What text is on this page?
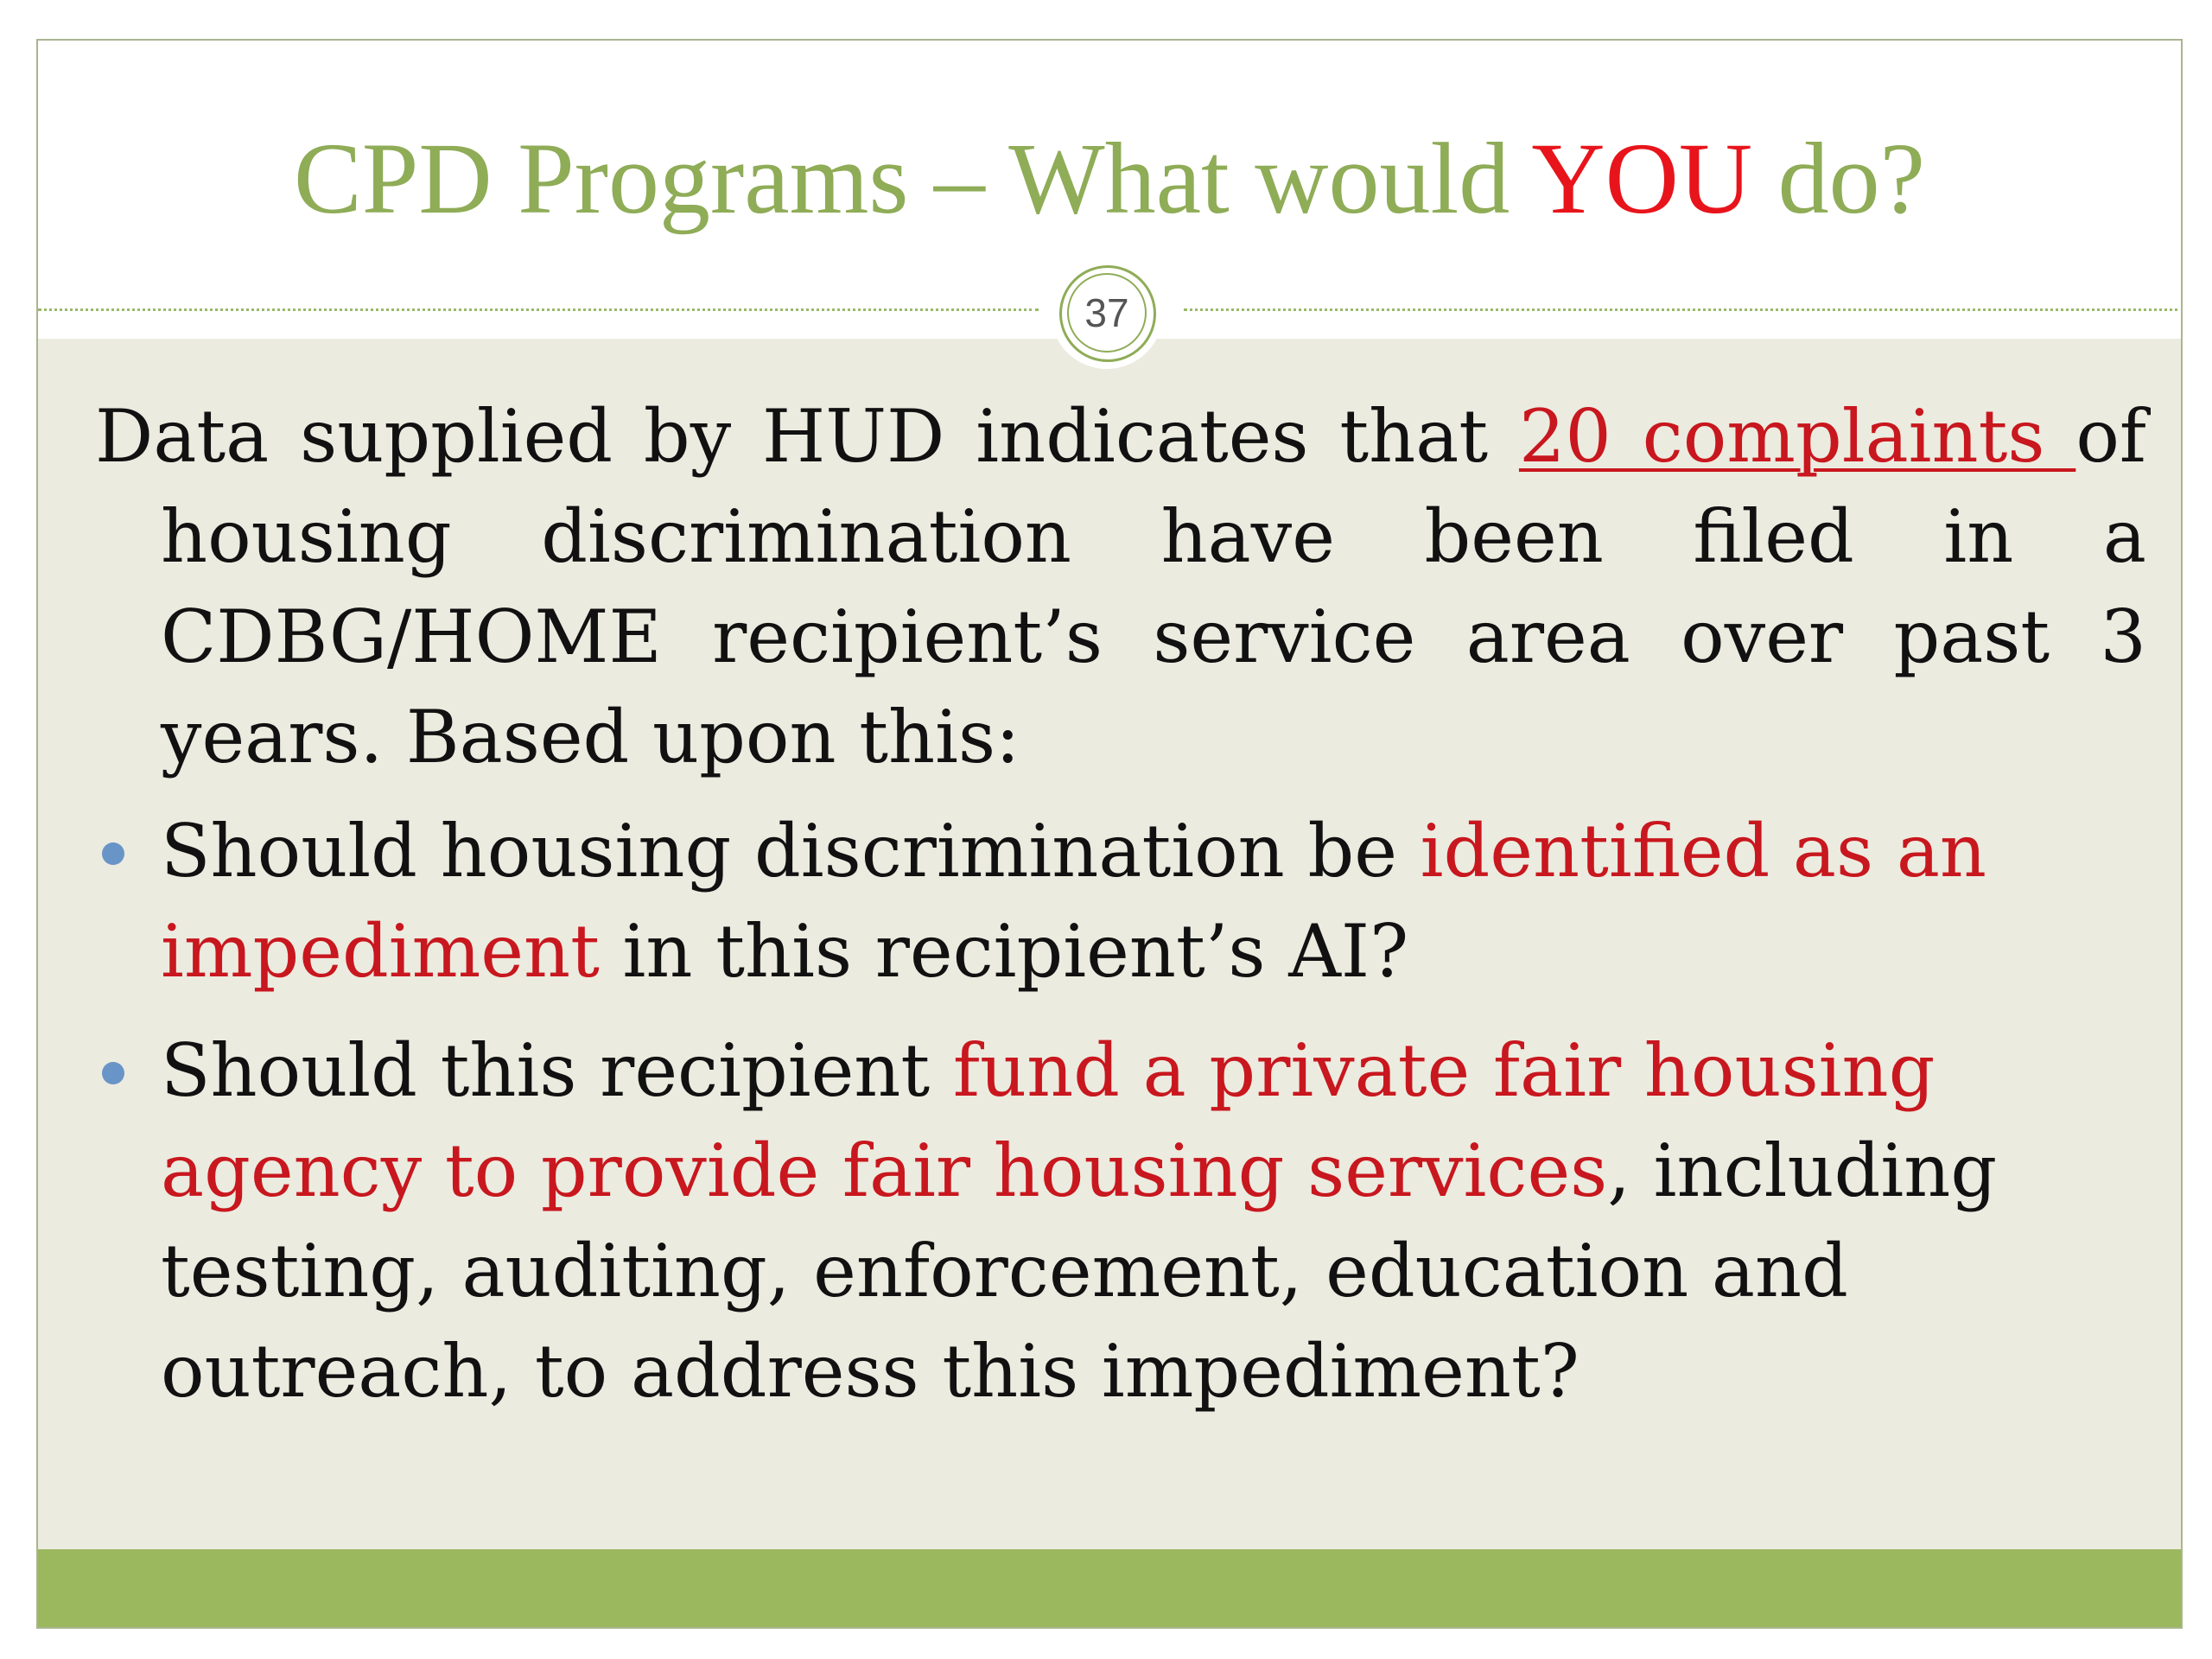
CPD Programs – What would YOU do?
37

Data supplied by HUD indicates that 20 complaints of housing discrimination have been filed in a CDBG/HOME recipient’s service area over past 3 years. Based upon this:

Should housing discrimination be identified as an impediment in this recipient’s AI?
Should this recipient fund a private fair housing agency to provide fair housing services, including testing, auditing, enforcement, education and outreach, to address this impediment?
